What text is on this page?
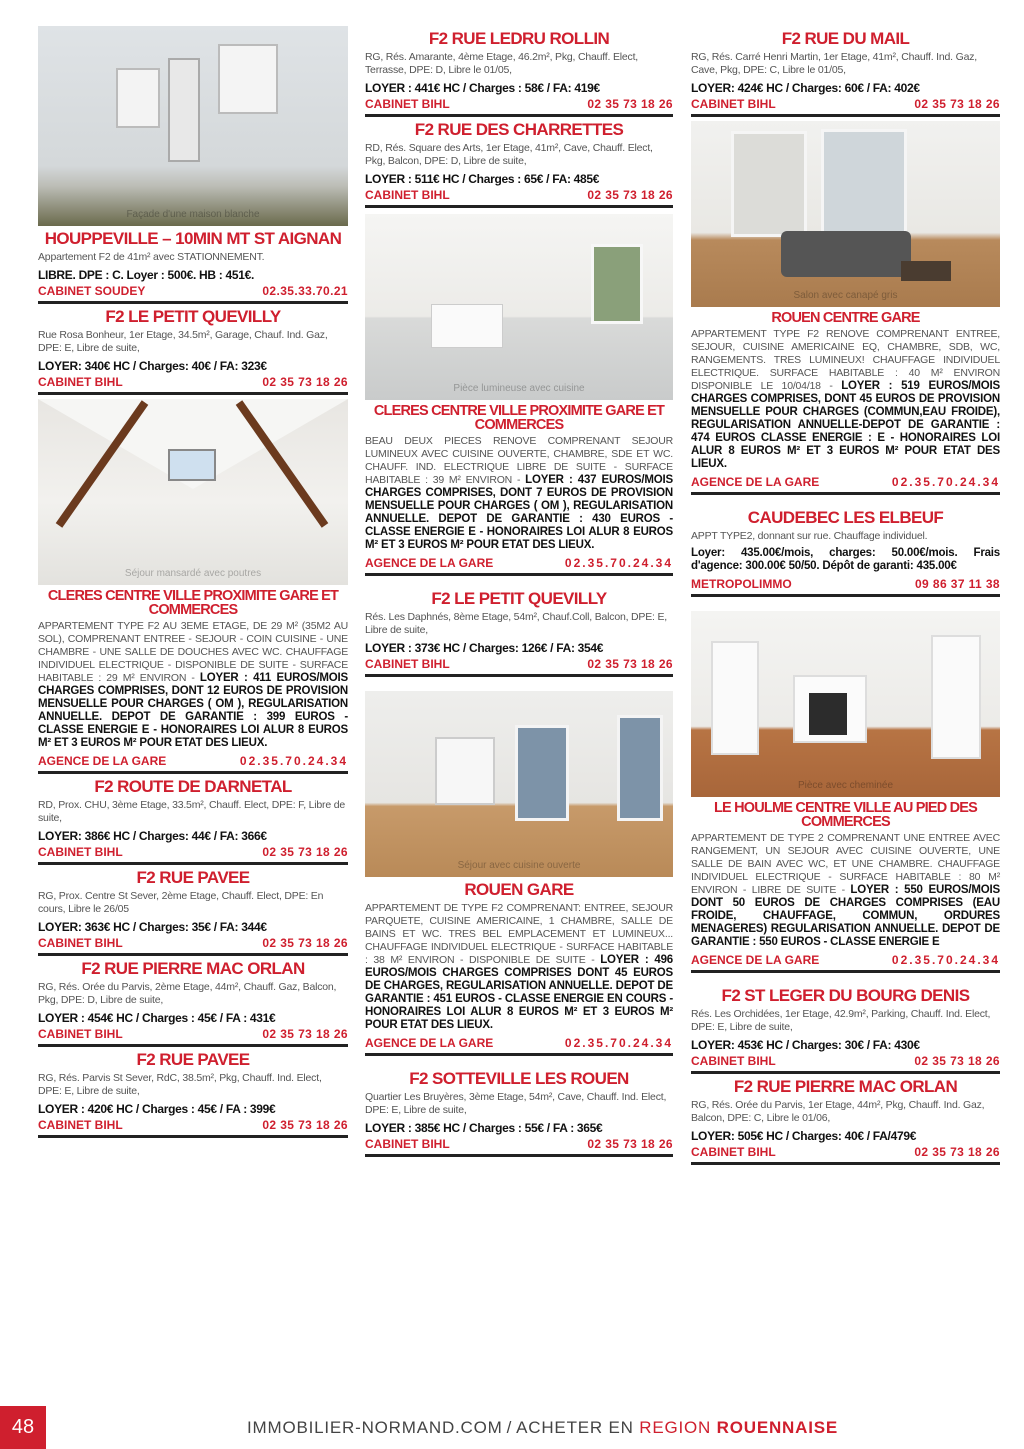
Façade d'une maison blanche
HOUPPEVILLE – 10MIN MT ST AIGNAN
Appartement F2 de 41m² avec STATIONNEMENT.
LIBRE. DPE : C. Loyer : 500€. HB : 451€.
CABINET SOUDEY	02.35.33.70.21
F2 LE PETIT QUEVILLY
Rue Rosa Bonheur, 1er Etage, 34.5m², Garage, Chauf. Ind. Gaz, DPE: E, Libre de suite,
LOYER: 340€ HC / Charges: 40€ / FA: 323€
CABINET BIHL	02 35 73 18 26
Séjour mansardé avec poutres
CLERES CENTRE VILLE PROXIMITE GARE ET COMMERCES
APPARTEMENT TYPE F2 AU 3EME ETAGE, DE 29 M² (35M2 AU SOL), COMPRENANT ENTREE - SEJOUR - COIN CUISINE - UNE CHAMBRE - UNE SALLE DE DOUCHES AVEC WC. CHAUFFAGE INDIVIDUEL ELECTRIQUE - DISPONIBLE DE SUITE - SURFACE HABITABLE : 29 M² ENVIRON - LOYER : 411 EUROS/MOIS CHARGES COMPRISES, DONT 12 EUROS DE PROVISION MENSUELLE POUR CHARGES ( OM ), REGULARISATION ANNUELLE. DEPOT DE GARANTIE : 399 EUROS - CLASSE ENERGIE E - HONORAIRES LOI ALUR 8 EUROS M² ET 3 EUROS M² POUR ETAT DES LIEUX.
AGENCE DE LA GARE	02.35.70.24.34
F2 ROUTE DE DARNETAL
RD, Prox. CHU, 3ème Etage, 33.5m², Chauff. Elect, DPE: F, Libre de suite,
LOYER: 386€ HC / Charges: 44€ / FA: 366€
CABINET BIHL	02 35 73 18 26
F2 RUE PAVEE
RG, Prox. Centre St Sever, 2ème Etage, Chauff. Elect, DPE: En cours, Libre le 26/05
LOYER: 363€ HC / Charges: 35€ / FA: 344€
CABINET BIHL	02 35 73 18 26
F2 RUE PIERRE MAC ORLAN
RG, Rés. Orée du Parvis, 2ème Etage, 44m², Chauff. Gaz, Balcon, Pkg, DPE: D, Libre de suite,
LOYER : 454€ HC / Charges : 45€ / FA : 431€
CABINET BIHL	02 35 73 18 26
F2 RUE PAVEE
RG, Rés. Parvis St Sever, RdC, 38.5m², Pkg, Chauff. Ind. Elect, DPE: E, Libre de suite,
LOYER : 420€ HC / Charges : 45€ / FA : 399€
CABINET BIHL	02 35 73 18 26
F2 RUE LEDRU ROLLIN
RG, Rés. Amarante, 4ème Etage, 46.2m², Pkg, Chauff. Elect, Terrasse, DPE: D, Libre le 01/05,
LOYER : 441€ HC / Charges : 58€ / FA: 419€
CABINET BIHL	02 35 73 18 26
F2 RUE DES CHARRETTES
RD, Rés. Square des Arts, 1er Etage, 41m², Cave, Chauff. Elect, Pkg, Balcon, DPE: D, Libre de suite,
LOYER : 511€ HC / Charges : 65€ / FA: 485€
CABINET BIHL	02 35 73 18 26
Pièce lumineuse avec cuisine
CLERES CENTRE VILLE PROXIMITE GARE ET COMMERCES
BEAU DEUX PIECES RENOVE COMPRENANT SEJOUR LUMINEUX AVEC CUISINE OUVERTE, CHAMBRE, SDE ET WC. CHAUFF. IND. ELECTRIQUE LIBRE DE SUITE - SURFACE HABITABLE : 39 M² ENVIRON - LOYER : 437 EUROS/MOIS CHARGES COMPRISES, DONT 7 EUROS DE PROVISION MENSUELLE POUR CHARGES ( OM ), REGULARISATION ANNUELLE. DEPOT DE GARANTIE : 430 EUROS - CLASSE ENERGIE E - HONORAIRES LOI ALUR 8 EUROS M² ET 3 EUROS M² POUR ETAT DES LIEUX.
AGENCE DE LA GARE	02.35.70.24.34
F2 LE PETIT QUEVILLY
Rés. Les Daphnés, 8ème Etage, 54m², Chauf.Coll, Balcon, DPE: E, Libre de suite,
LOYER : 373€ HC / Charges: 126€ / FA: 354€
CABINET BIHL	02 35 73 18 26
Séjour avec cuisine ouverte
ROUEN GARE
APPARTEMENT DE TYPE F2 COMPRENANT: ENTREE, SEJOUR PARQUETE, CUISINE AMERICAINE, 1 CHAMBRE, SALLE DE BAINS ET WC. TRES BEL EMPLACEMENT ET LUMINEUX... CHAUFFAGE INDIVIDUEL ELECTRIQUE - SURFACE HABITABLE : 38 M² ENVIRON - DISPONIBLE DE SUITE - LOYER : 496 EUROS/MOIS CHARGES COMPRISES DONT 45 EUROS DE CHARGES, REGULARISATION ANNUELLE. DEPOT DE GARANTIE : 451 EUROS - CLASSE ENERGIE EN COURS - HONORAIRES LOI ALUR 8 EUROS M² ET 3 EUROS M² POUR ETAT DES LIEUX.
AGENCE DE LA GARE	02.35.70.24.34
F2 SOTTEVILLE LES ROUEN
Quartier Les Bruyères, 3ème Etage, 54m², Cave, Chauff. Ind. Elect, DPE: E, Libre de suite,
LOYER : 385€ HC / Charges : 55€ / FA : 365€
CABINET BIHL	02 35 73 18 26
F2 RUE DU MAIL
RG, Rés. Carré Henri Martin, 1er Etage, 41m², Chauff. Ind. Gaz, Cave, Pkg, DPE: C, Libre le 01/05,
LOYER: 424€ HC / Charges: 60€ / FA: 402€
CABINET BIHL	02 35 73 18 26
Salon avec canapé gris
ROUEN CENTRE GARE
APPARTEMENT TYPE F2 RENOVE COMPRENANT ENTREE, SEJOUR, CUISINE AMERICAINE EQ, CHAMBRE, SDB, WC, RANGEMENTS. TRES LUMINEUX! CHAUFFAGE INDIVIDUEL ELECTRIQUE. SURFACE HABITABLE : 40 M² ENVIRON DISPONIBLE LE 10/04/18 - LOYER : 519 EUROS/MOIS CHARGES COMPRISES, DONT 45 EUROS DE PROVISION MENSUELLE POUR CHARGES (COMMUN,EAU FROIDE), REGULARISATION ANNUELLE-DEPOT DE GARANTIE : 474 EUROS CLASSE ENERGIE : E - HONORAIRES LOI ALUR 8 EUROS M² ET 3 EUROS M² POUR ETAT DES LIEUX.
AGENCE DE LA GARE	02.35.70.24.34
CAUDEBEC LES ELBEUF
APPT TYPE2, donnant sur rue. Chauffage individuel.
Loyer: 435.00€/mois, charges: 50.00€/mois. Frais d'agence: 300.00€ 50/50. Dépôt de garanti: 435.00€
METROPOLIMMO	09 86 37 11 38
Pièce avec cheminée
LE HOULME CENTRE VILLE AU PIED DES COMMERCES
APPARTEMENT DE TYPE 2 COMPRENANT UNE ENTREE AVEC RANGEMENT, UN SEJOUR AVEC CUISINE OUVERTE, UNE SALLE DE BAIN AVEC WC, ET UNE CHAMBRE. CHAUFFAGE INDIVIDUEL ELECTRIQUE - SURFACE HABITABLE : 80 M² ENVIRON - LIBRE DE SUITE - LOYER : 550 EUROS/MOIS DONT 50 EUROS DE CHARGES COMPRISES (EAU FROIDE, CHAUFFAGE, COMMUN, ORDURES MENAGERES) REGULARISATION ANNUELLE. DEPOT DE GARANTIE : 550 EUROS - CLASSE ENERGIE E
AGENCE DE LA GARE	02.35.70.24.34
F2 ST LEGER DU BOURG DENIS
Rés. Les Orchidées, 1er Etage, 42.9m², Parking, Chauff. Ind. Elect, DPE: E, Libre de suite,
LOYER: 453€ HC / Charges: 30€ / FA: 430€
CABINET BIHL	02 35 73 18 26
F2 RUE PIERRE MAC ORLAN
RG, Rés. Orée du Parvis, 1er Etage, 44m², Pkg, Chauff. Ind. Gaz, Balcon, DPE: C, Libre le 01/06,
LOYER: 505€ HC / Charges: 40€ / FA/479€
CABINET BIHL	02 35 73 18 26
48	IMMOBILIER-NORMAND.COM / ACHETER EN REGION ROUENNAISE
